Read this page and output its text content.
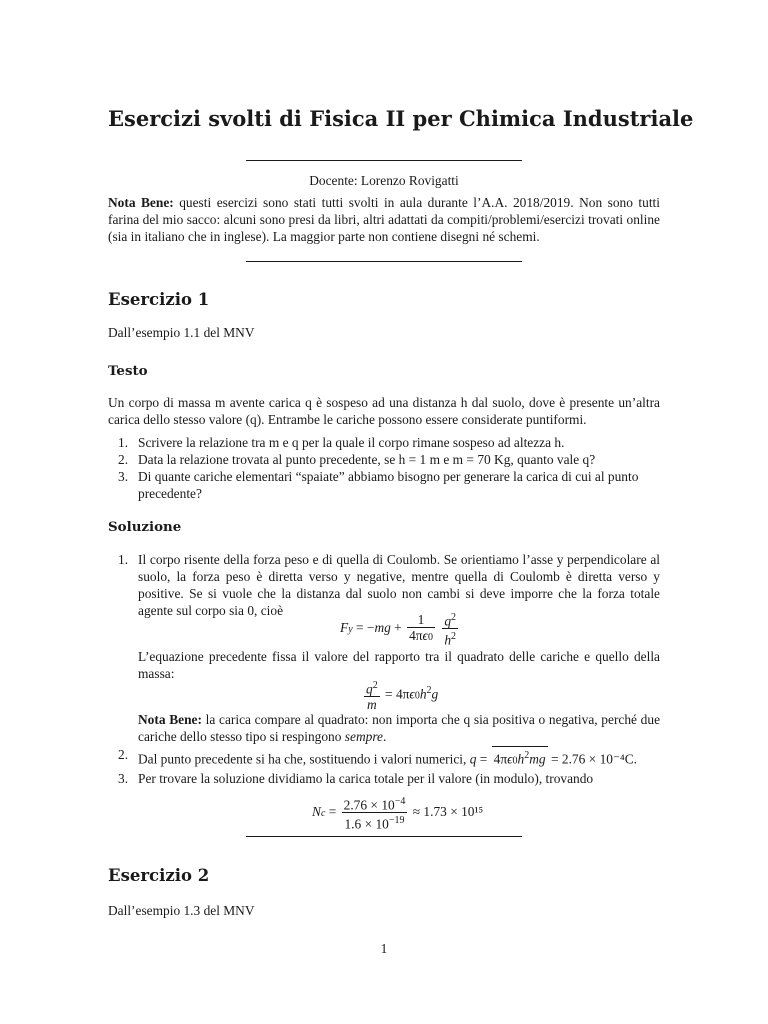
Esercizi svolti di Fisica II per Chimica Industriale
Docente: Lorenzo Rovigatti
Nota Bene: questi esercizi sono stati tutti svolti in aula durante l’A.A. 2018/2019. Non sono tutti farina del mio sacco: alcuni sono presi da libri, altri adattati da compiti/problemi/esercizi trovati online (sia in italiano che in inglese). La maggior parte non contiene disegni né schemi.
Esercizio 1
Dall’esempio 1.1 del MNV
Testo
Un corpo di massa m avente carica q è sospeso ad una distanza h dal suolo, dove è presente un’altra carica dello stesso valore (q). Entrambe le cariche possono essere considerate puntiformi.
1. Scrivere la relazione tra m e q per la quale il corpo rimane sospeso ad altezza h.
2. Data la relazione trovata al punto precedente, se h = 1 m e m = 70 Kg, quanto vale q?
3. Di quante cariche elementari “spaiate” abbiamo bisogno per generare la carica di cui al punto precedente?
Soluzione
1. Il corpo risente della forza peso e di quella di Coulomb. Se orientiamo l’asse y perpendicolare al suolo, la forza peso è diretta verso y negative, mentre quella di Coulomb è diretta verso y positive. Se si vuole che la distanza dal suolo non cambi si deve imporre che la forza totale agente sul corpo sia 0, cioè
$Fy = -mg + \frac{1}{4\pi\epsilon 0}$
$\frac{q^2}{h^2}$
L’equazione precedente fissa il valore del rapporto tra il quadrato delle cariche e quello della massa:
$\frac{q^2}{m} = 4\pi\epsilon 0h^2g$
Nota Bene: la carica compare al quadrato: non importa che q sia positiva o negativa, perché due cariche dello stesso tipo si respingono sempre.
2. Dal punto precedente si ha che, sostituendo i valori numerici, $q = 4\pi\epsilon 0h^2mg = 2.76 \times 10^{-4}C$.
3. Per trovare la soluzione dividiamo la carica totale per il valore (in modulo), trovando
$Nc = \frac{2.76 \times 10^{-4}}{1.6 \times 10^{-19}} \approx 1.73 \times 10^{15}$
Esercizio 2
Dall’esempio 1.3 del MNV
1
